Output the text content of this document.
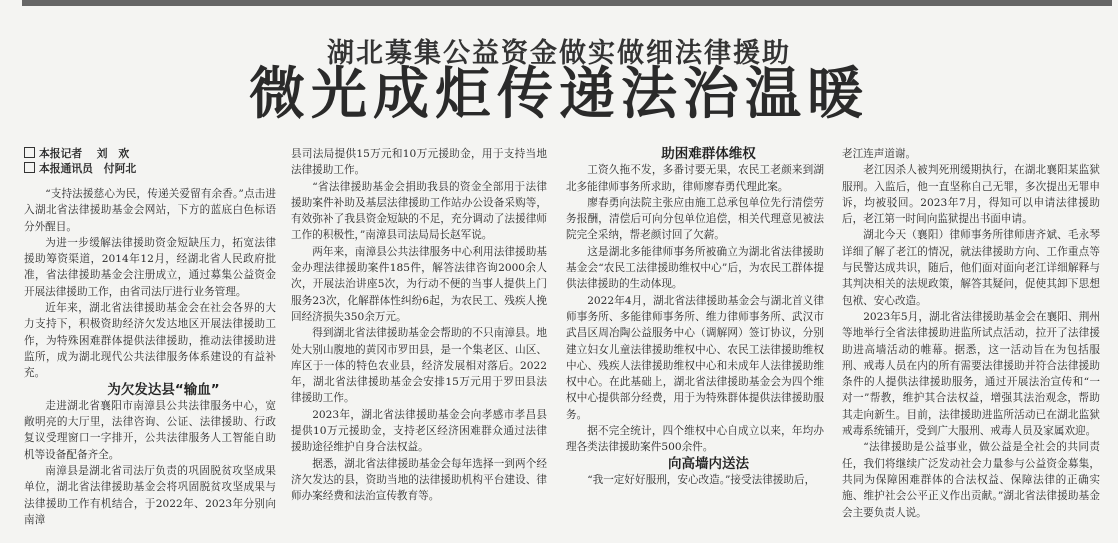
湖北募集公益资金做实做细法律援助
微光成炬传递法治温暖
本报记者　 刘　欢
本报通讯员　付阿北

“支持法援慈心为民，传递关爱留有余香。”点击进入湖北省法律援助基金会网站，下方的蓝底白色标语分外醒目。

为进一步缓解法律援助资金短缺压力，拓宽法律援助筹资渠道，2014年12月，经湖北省人民政府批准，省法律援助基金会注册成立，通过募集公益资金开展法律援助工作，由省司法厅进行业务管理。

近年来，湖北省法律援助基金会在社会各界的大力支持下，积极资助经济欠发达地区开展法律援助工作，为特殊困难群体提供法律援助，推动法律援助进监所，成为湖北现代公共法律服务体系建设的有益补充。

为欠发达县“输血”

走进湖北省襄阳市南漳县公共法律服务中心，宽敞明亮的大厅里，法律咨询、公证、法律援助、行政复议受理窗口一字排开，公共法律服务人工智能自助机等设备配备齐全。

南漳县是湖北省司法厅负责的巩固脱贫攻坚成果单位，湖北省法律援助基金会将巩固脱贫攻坚成果与法律援助工作有机结合，于2022年、2023年分别向南漳

县司法局提供15万元和10万元援助金，用于支持当地法律援助工作。

“省法律援助基金会捐助我县的资金全部用于法律援助案件补助及基层法律援助工作站办公设备采购等，有效弥补了我县资金短缺的不足，充分调动了法援律师工作的积极性，”南漳县司法局局长赵军说。

两年来，南漳县公共法律服务中心利用法律援助基金办理法律援助案件185件，解答法律咨询2000余人次，开展法治讲座5次，为行动不便的当事人提供上门服务23次，化解群体性纠纷6起，为农民工、残疾人挽回经济损失350余万元。

得到湖北省法律援助基金会帮助的不只南漳县。地处大别山腹地的黄冈市罗田县，是一个集老区、山区、库区于一体的特色农业县，经济发展相对落后。2022年，湖北省法律援助基金会安排15万元用于罗田县法律援助工作。

2023年，湖北省法律援助基金会向孝感市孝昌县提供10万元援助金，支持老区经济困难群众通过法律援助途径维护自身合法权益。

据悉，湖北省法律援助基金会每年选择一到两个经济欠发达的县，资助当地的法律援助机构平台建设、律师办案经费和法治宣传教育等。

助困难群体维权

工资久拖不发，多番讨要无果，农民工老颜来到湖北多能律师事务所求助，律师廖春勇代理此案。

廖春勇向法院主张应由施工总承包单位先行清偿劳务报酬，清偿后可向分包单位追偿，相关代理意见被法院完全采纳，帮老颜讨回了欠薪。

这是湖北多能律师事务所被确立为湖北省法律援助基金会“农民工法律援助维权中心”后，为农民工群体提供法律援助的生动体现。

2022年4月，湖北省法律援助基金会与湖北首义律师事务所、多能律师事务所、维力律师事务所、武汉市武昌区周冶陶公益服务中心（调解网）签订协议，分别建立妇女儿童法律援助维权中心、农民工法律援助维权中心、残疾人法律援助维权中心和未成年人法律援助维权中心。在此基础上，湖北省法律援助基金会为四个维权中心提供部分经费，用于为特殊群体提供法律援助服务。

据不完全统计，四个维权中心自成立以来，年均办理各类法律援助案件500余件。

向高墙内送法

“我一定好好服刑，安心改造。”接受法律援助后，

老江连声道谢。

老江因杀人被判死刑缓期执行，在湖北襄阳某监狱服刑。入监后，他一直坚称自己无罪，多次提出无罪申诉，均被驳回。2023年7月，得知可以申请法律援助后，老江第一时间向监狱提出书面申请。

湖北今天（襄阳）律师事务所律师唐齐斌、毛永琴详细了解了老江的情况，就法律援助方向、工作重点等与民警达成共识，随后，他们面对面向老江详细解释与其判决相关的法规政策，解答其疑问，促使其卸下思想包袱、安心改造。

2023年5月，湖北省法律援助基金会在襄阳、荆州等地举行全省法律援助进监所试点活动，拉开了法律援助进高墙活动的帷幕。据悉，这一活动旨在为包括服刑、戒毒人员在内的所有需要法律援助并符合法律援助条件的人提供法律援助服务，通过开展法治宣传和“一对一”帮教，维护其合法权益，增强其法治观念，帮助其走向新生。目前，法律援助进监所活动已在湖北监狱戒毒系统铺开，受到广大服刑、戒毒人员及家属欢迎。

“法律援助是公益事业，做公益是全社会的共同责任，我们将继续广泛发动社会力量参与公益资金募集，共同为保障困难群体的合法权益、保障法律的正确实施、维护社会公平正义作出贡献。”湖北省法律援助基金会主要负责人说。
